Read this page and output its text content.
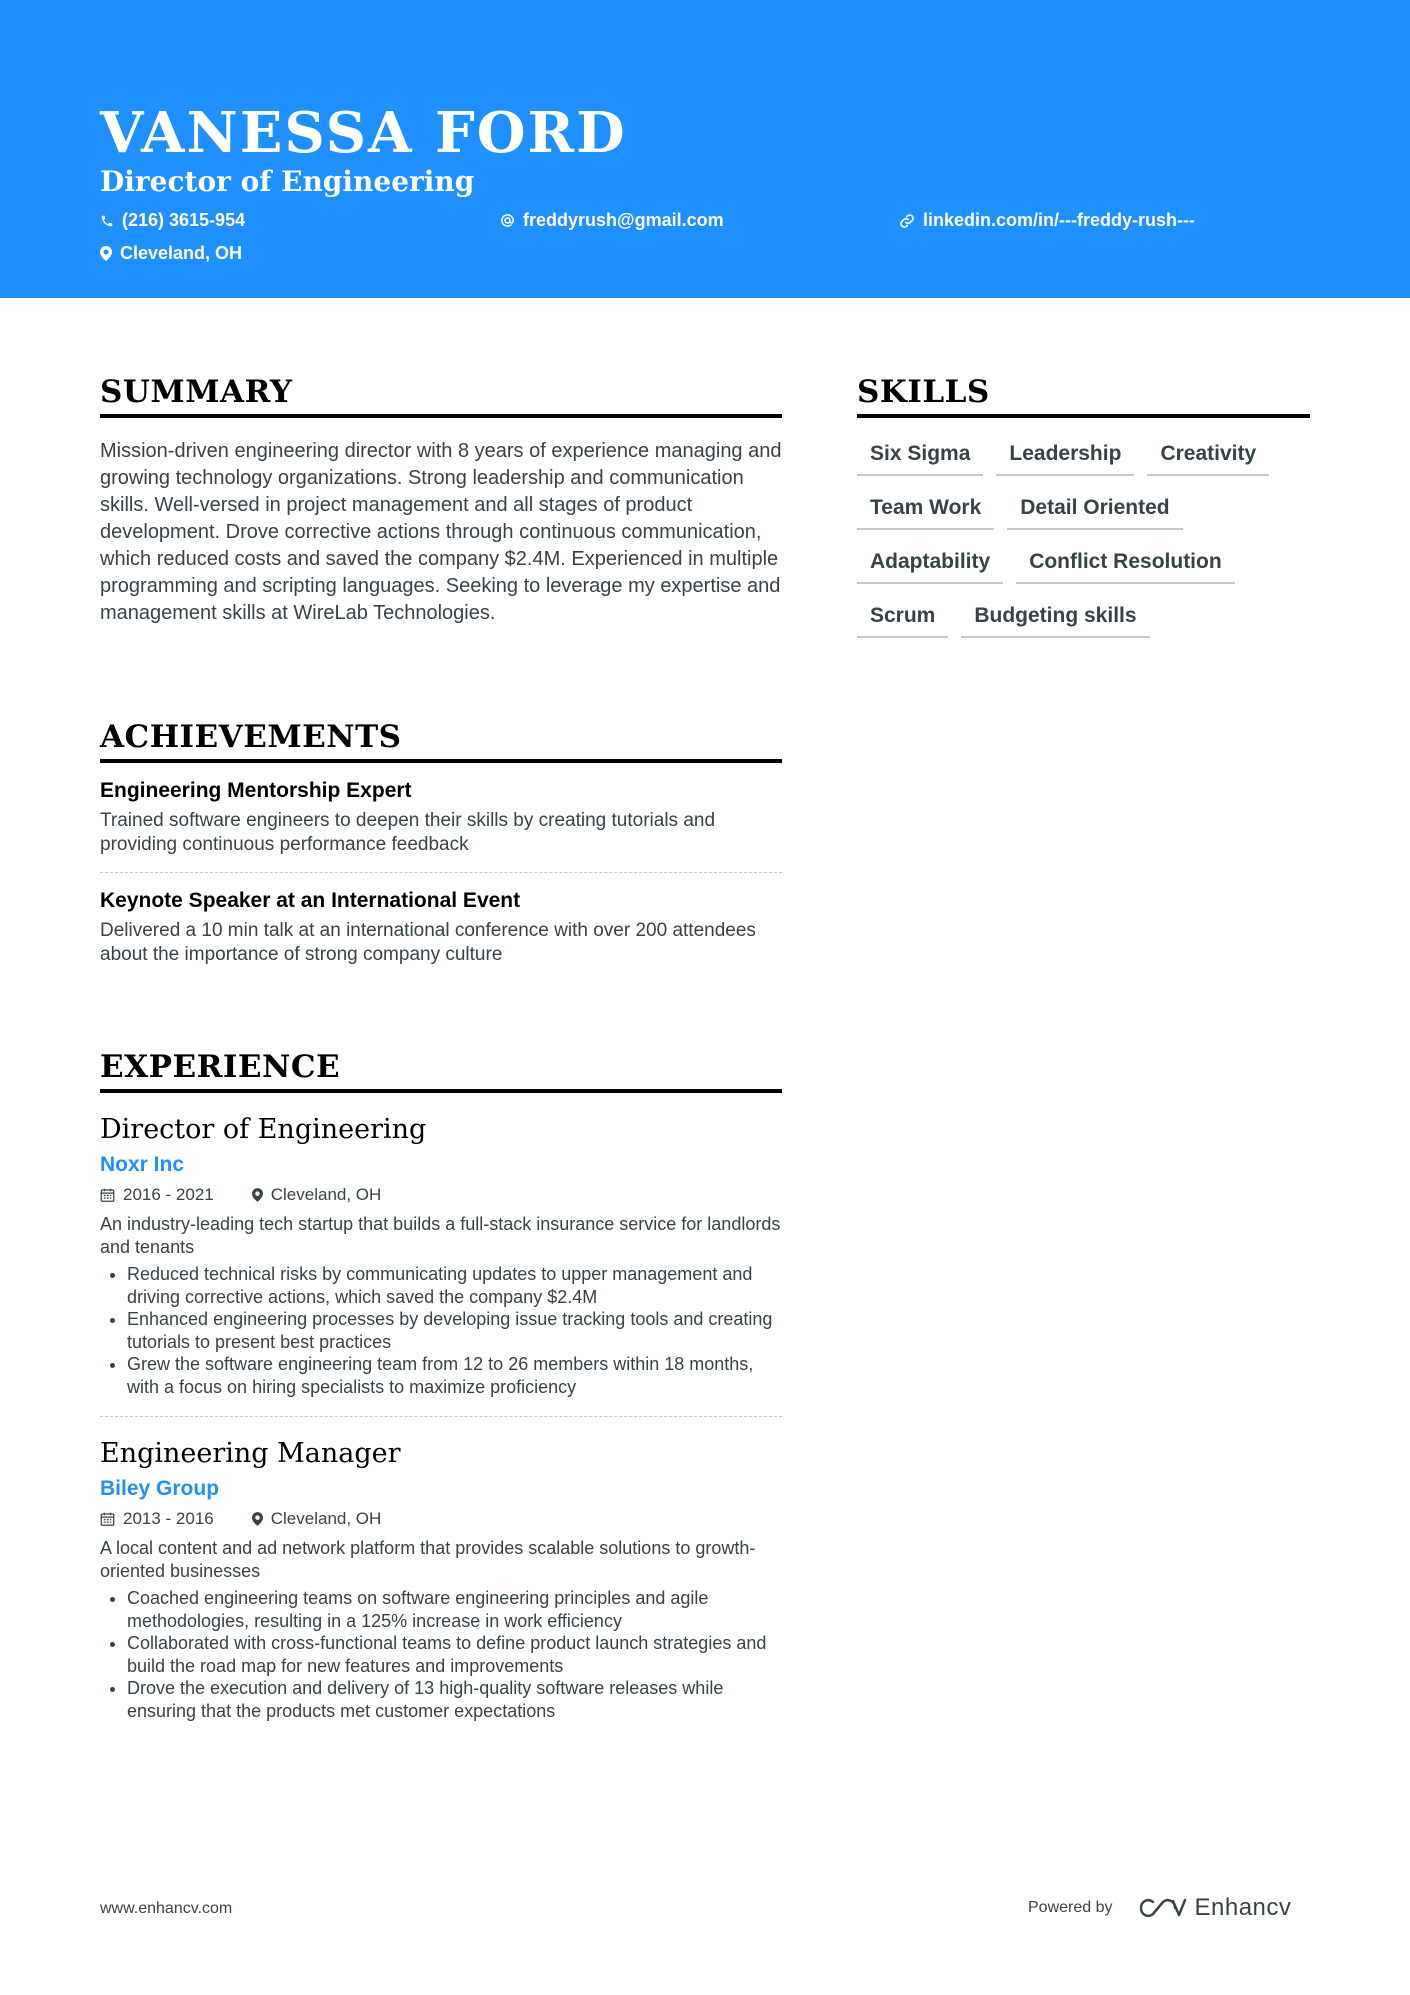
VANESSA FORD
Director of Engineering
(216) 3615-954	freddyrush@gmail.com	linkedin.com/in/---freddy-rush---
Cleveland, OH
SUMMARY

Mission-driven engineering director with 8 years of experience managing and growing technology organizations. Strong leadership and communication skills. Well-versed in project management and all stages of product development. Drove corrective actions through continuous communication, which reduced costs and saved the company $2.4M. Experienced in multiple programming and scripting languages. Seeking to leverage my expertise and management skills at WireLab Technologies.

ACHIEVEMENTS
Engineering Mentorship Expert
Trained software engineers to deepen their skills by creating tutorials and providing continuous performance feedback
Keynote Speaker at an International Event
Delivered a 10 min talk at an international conference with over 200 attendees about the importance of strong company culture
EXPERIENCE
Director of Engineering
Noxr Inc
2016 - 2021	Cleveland, OH
An industry-leading tech startup that builds a full-stack insurance service for landlords and tenants
• Reduced technical risks by communicating updates to upper management and driving corrective actions, which saved the company $2.4M
• Enhanced engineering processes by developing issue tracking tools and creating tutorials to present best practices
• Grew the software engineering team from 12 to 26 members within 18 months, with a focus on hiring specialists to maximize proficiency
Engineering Manager
Biley Group
2013 - 2016	Cleveland, OH
A local content and ad network platform that provides scalable solutions to growth-oriented businesses
• Coached engineering teams on software engineering principles and agile methodologies, resulting in a 125% increase in work efficiency
• Collaborated with cross-functional teams to define product launch strategies and build the road map for new features and improvements
• Drove the execution and delivery of 13 high-quality software releases while ensuring that the products met customer expectations
SKILLS
Six Sigma	Leadership	Creativity
Team Work	Detail Oriented
Adaptability	Conflict Resolution
Scrum	Budgeting skills
www.enhancv.com	Powered by	Enhancv
